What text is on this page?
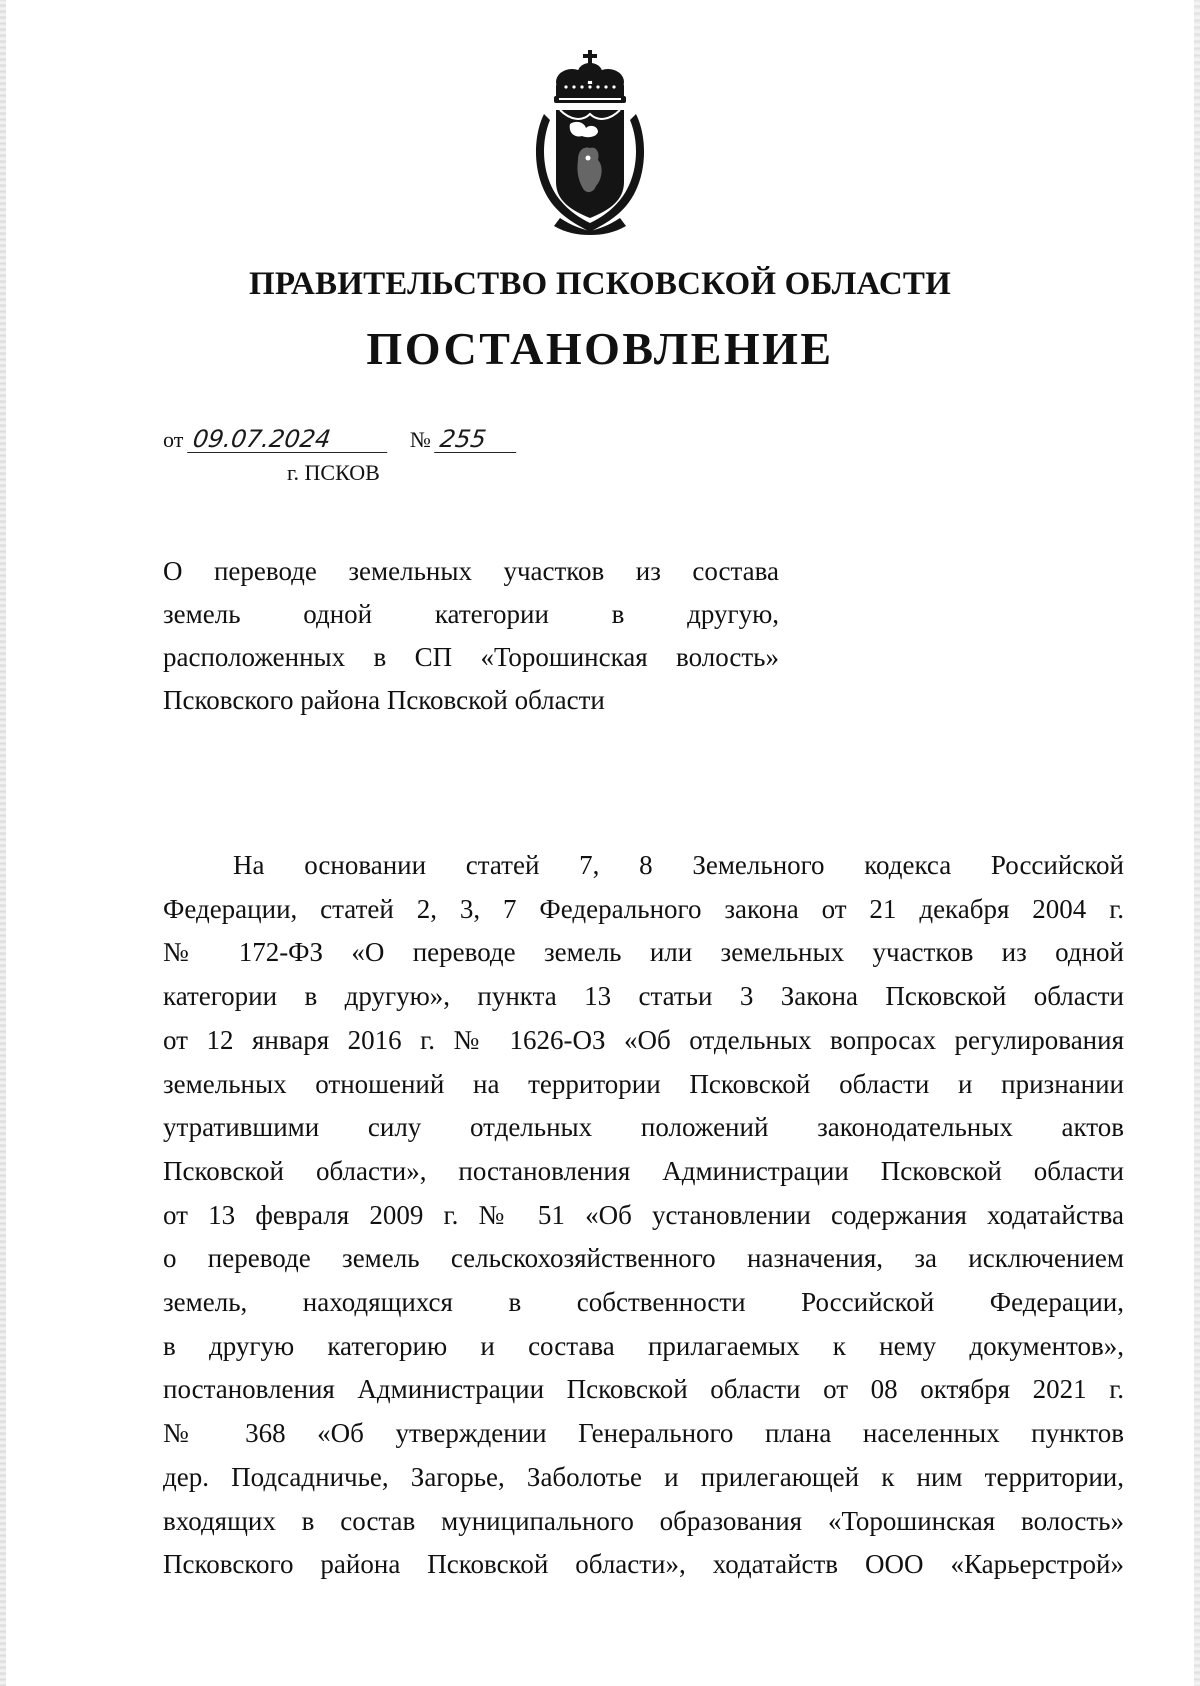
ПРАВИТЕЛЬСТВО ПСКОВСКОЙ ОБЛАСТИ
ПОСТАНОВЛЕНИЕ
от 09.07.2024	№ 255
г. ПСКОВ
О переводе земельных участков из состава
земель одной категории в другую,
расположенных в СП «Торошинская волость»
Псковского района Псковской области
На основании статей 7, 8 Земельного кодекса Российской
Федерации, статей 2, 3, 7 Федерального закона от 21 декабря 2004 г.
№ 172-ФЗ «О переводе земель или земельных участков из одной
категории в другую», пункта 13 статьи 3 Закона Псковской области
от 12 января 2016 г. № 1626-ОЗ «Об отдельных вопросах регулирования
земельных отношений на территории Псковской области и признании
утратившими силу отдельных положений законодательных актов
Псковской области», постановления Администрации Псковской области
от 13 февраля 2009 г. № 51 «Об установлении содержания ходатайства
о переводе земель сельскохозяйственного назначения, за исключением
земель, находящихся в собственности Российской Федерации,
в другую категорию и состава прилагаемых к нему документов»,
постановления Администрации Псковской области от 08 октября 2021 г.
№ 368 «Об утверждении Генерального плана населенных пунктов
дер. Подсадничье, Загорье, Заболотье и прилегающей к ним территории,
входящих в состав муниципального образования «Торошинская волость»
Псковского района Псковской области», ходатайств ООО «Карьерстрой»
